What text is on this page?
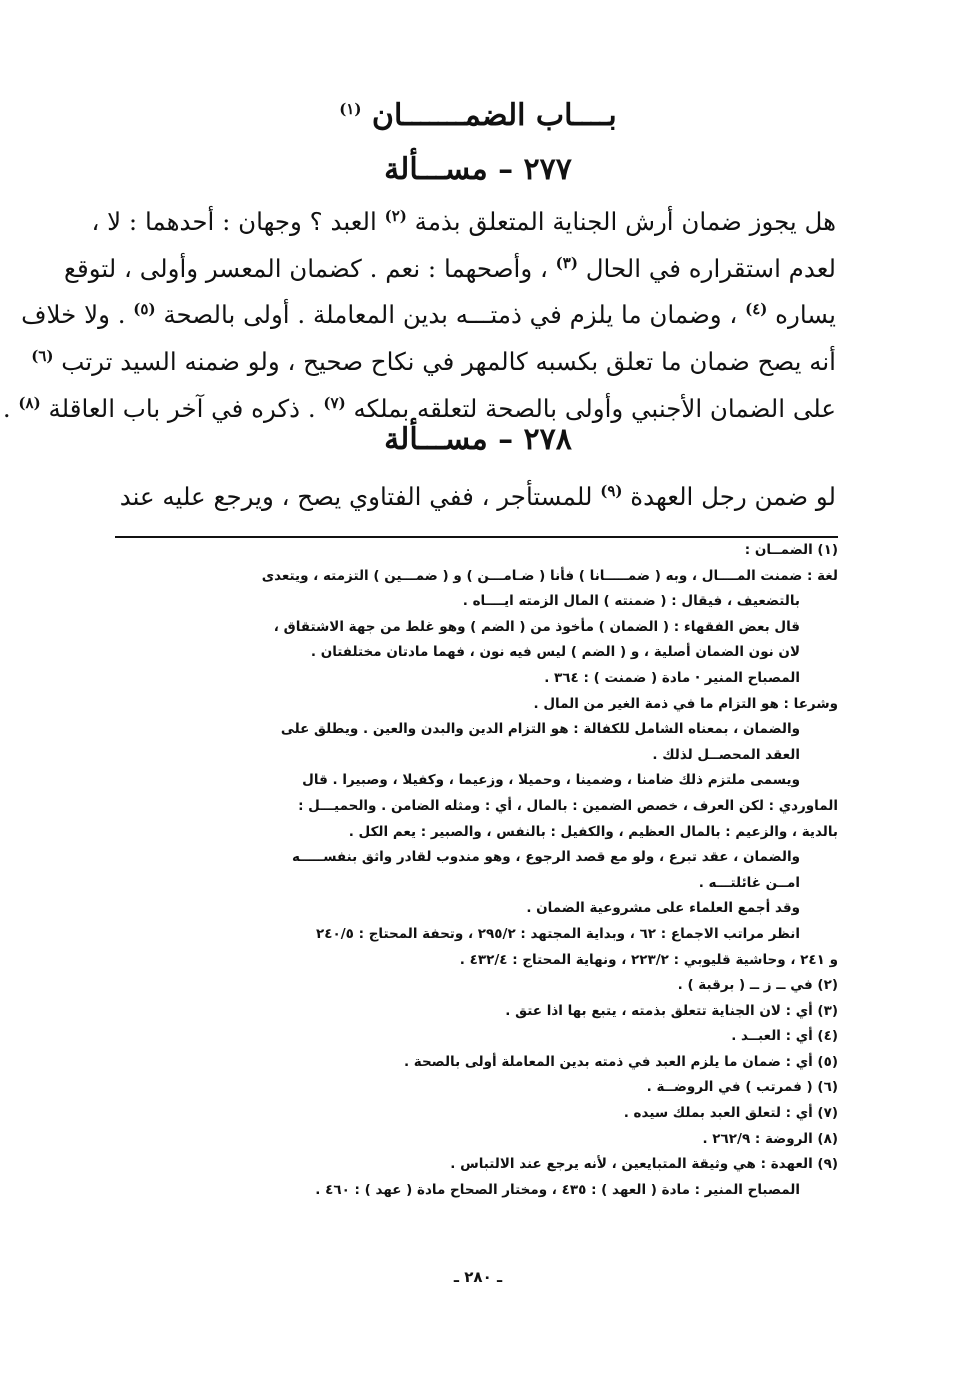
بــــاب الضمـــــــان $^{(١)}$
٢٧٧ – مســـألة
هل يجوز ضمان أرش الجناية المتعلق بذمة $^{(٢)}$ العبد ؟ وجهان : أحدهما : لا ،
لعدم استقراره في الحال $^{(٣)}$ ، وأصحهما : نعم . كضمان المعسر وأولى ، لتوقع
يساره $^{(٤)}$ ، وضمان ما يلزم في ذمتـــه بدين المعاملة . أولى بالصحة $^{(٥)}$ . ولا خلاف
أنه يصح ضمان ما تعلق بكسبه كالمهر في نكاح صحيح ، ولو ضمنه السيد ترتب $^{(٦)}$
على الضمان الأجنبي وأولى بالصحة لتعلقه بملكه $^{(٧)}$ . ذكره في آخر باب العاقلة $^{(٨)}$ .
٢٧٨ – مســـألة
لو ضمن رجل العهدة $^{(٩)}$ للمستأجر ، ففي الفتاوي يصح ، ويرجع عليه عند
(١) الضمــان :
لغة : ضمنت المــــال ، وبه ( ضمـــــانا ) فأنا ( ضـامـــن ) و ( ضمـــين ) التزمته ، ويتعدى
بالتضعيف ، فيقال : ( ضمنته ) المال الزمته ايــــاه .
قال بعض الفقهاء : ( الضمان ) مأخوذ من ( الضم ) وهو غلط من جهة الاشتقاق ،
لان نون الضمان أصلية ، و ( الضم ) ليس فيه نون ، فهما مادتان مختلفتان .
المصباح المنير · مادة ( ضمنت ) : ٣٦٤ .
وشرعا : هو التزام ما في ذمة الغير من المال .
والضمان ، بمعناه الشامل للكفالة : هو التزام الدين والبدن والعين . ويطلق على
العقد المحصــل لذلك .
ويسمى ملتزم ذلك ضامنا ، وضمينا ، وحميلا ، وزعيما ، وكفيلا ، وصبيرا . قال
الماوردي : لكن العرف ، خصص الضمين : بالمال ، أي : ومثله الضامن . والحميـــل :
بالدية ، والزعيم : بالمال العظيم ، والكفيل : بالنفس ، والصبير : يعم الكل .
والضمان ، عقد تبرع ، ولو مع قصد الرجوع ، وهو مندوب لقادر واثق بنفســـــه
امــن غائلتـــه .
وقد أجمع العلماء على مشروعية الضمان .
انظر مراتب الاجماع : ٦٢ ، وبداية المجتهد : ٢٩٥/٢ ، وتحفة المحتاج : ٢٤٠/٥
و ٢٤١ ، وحاشية قليوبي : ٢٢٣/٢ ، ونهاية المحتاج : ٤٣٢/٤ .
(٢) في ــ ز ــ ( برقبة ) .
(٣) أي : لان الجناية تتعلق بذمته ، يتبع بها اذا عتق .
(٤) أي : العبــد .
(٥) أي : ضمان ما يلزم العبد في ذمته بدين المعاملة أولى بالصحة .
(٦) ( فمرتب ) في الروضــة .
(٧) أي : لتعلق العبد بملك سيده .
(٨) الروضة : ٢٦٢/٩ .
(٩) العهدة : هي وثيقة المتبايعين ، لأنه يرجع عند الالتباس .
المصباح المنير : مادة ( العهد ) : ٤٣٥ ، ومختار الصحاح مادة ( عهد ) : ٤٦٠ .
ـ ٢٨٠ ـ
